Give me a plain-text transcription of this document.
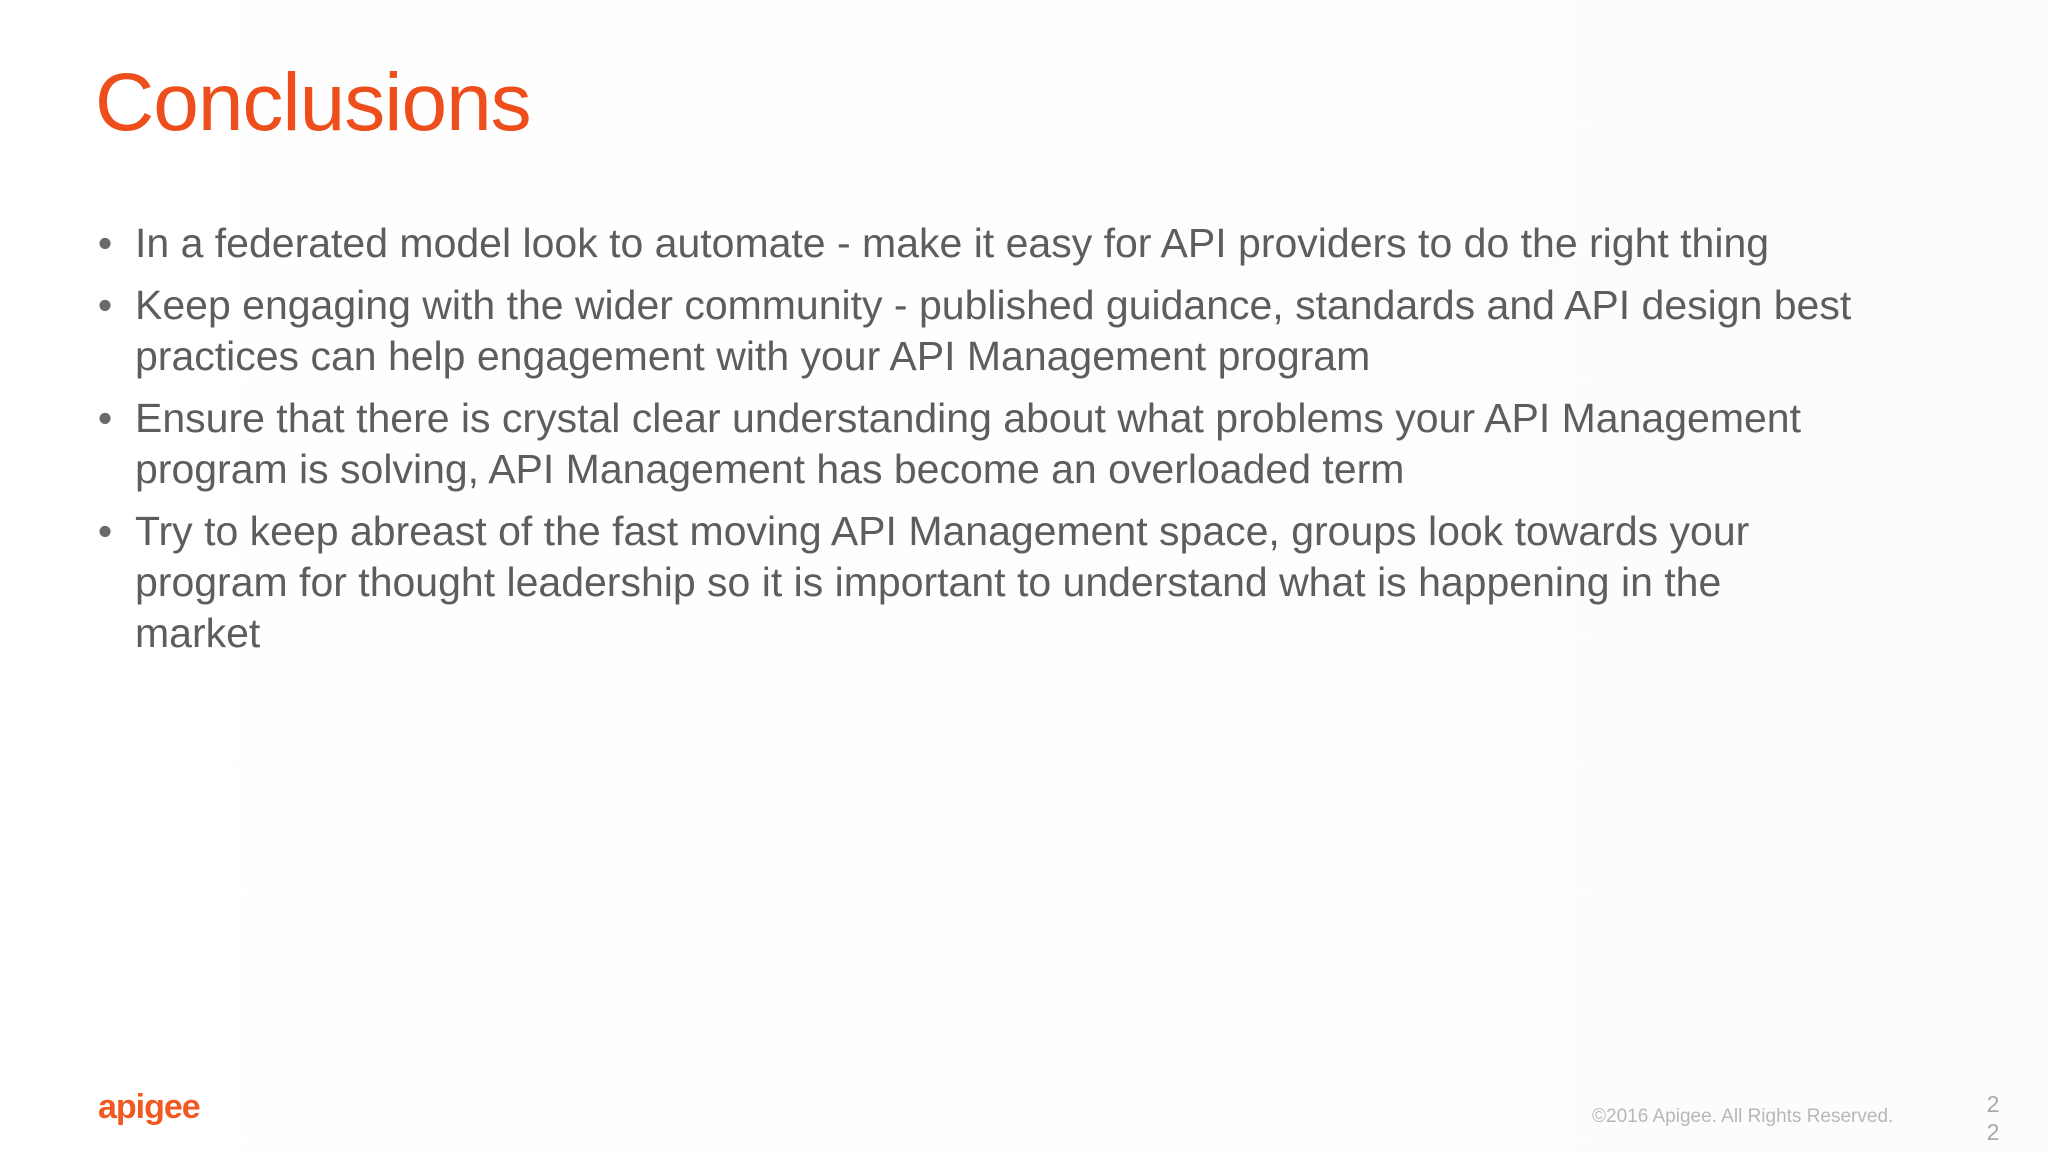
Conclusions
• In a federated model look to automate - make it easy for API providers to do the right thing
• Keep engaging with the wider community - published guidance, standards and API design best practices can help engagement with your API Management program
• Ensure that there is crystal clear understanding about what problems your API Management program is solving, API Management has become an overloaded term
• Try to keep abreast of the fast moving API Management space, groups look towards your program for thought leadership so it is important to understand what is happening in the market
apigee	©2016 Apigee. All Rights Reserved.	22
